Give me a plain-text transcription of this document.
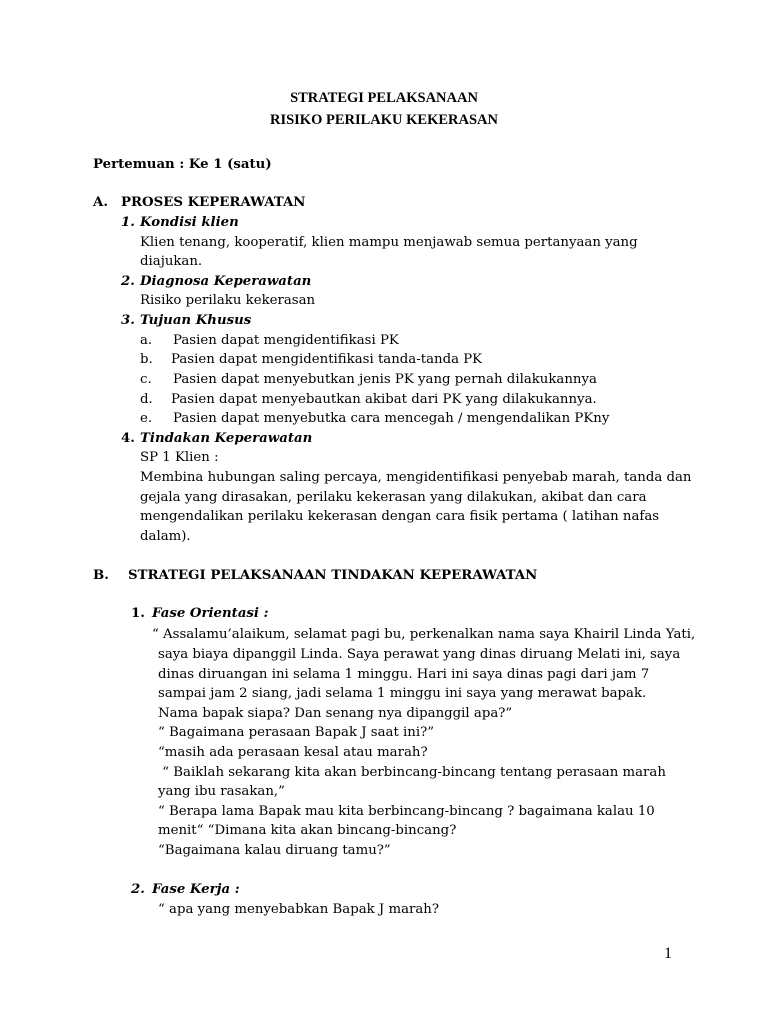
STRATEGI PELAKSANAAN
RISIKO PERILAKU KEKERASAN
Pertemuan : Ke 1 (satu)
A. PROSES KEPERAWATAN
1. Kondisi klien
Klien tenang, kooperatif, klien mampu menjawab semua pertanyaan yang
diajukan.
2. Diagnosa Keperawatan
Risiko perilaku kekerasan
3. Tujuan Khusus
a. Pasien dapat mengidentifikasi PK
b. Pasien dapat mengidentifikasi tanda-tanda PK
c. Pasien dapat menyebutkan jenis PK yang pernah dilakukannya
d. Pasien dapat menyebautkan akibat dari PK yang dilakukannya.
e. Pasien dapat menyebutka cara mencegah / mengendalikan PKny
4. Tindakan Keperawatan
SP 1 Klien :
Membina hubungan saling percaya, mengidentifikasi penyebab marah, tanda dan
gejala yang dirasakan, perilaku kekerasan yang dilakukan, akibat dan cara
mengendalikan perilaku kekerasan dengan cara fisik pertama ( latihan nafas
dalam).
B. STRATEGI PELAKSANAAN TINDAKAN KEPERAWATAN
1. Fase Orientasi :
“ Assalamu’alaikum, selamat pagi bu, perkenalkan nama saya Khairil Linda Yati,
saya biaya dipanggil Linda. Saya perawat yang dinas diruang Melati ini, saya
dinas diruangan ini selama 1 minggu. Hari ini saya dinas pagi dari jam 7
sampai jam 2 siang, jadi selama 1 minggu ini saya yang merawat bapak.
Nama bapak siapa? Dan senang nya dipanggil apa?”
“ Bagaimana perasaan Bapak J saat ini?”
“masih ada perasaan kesal atau marah?
“ Baiklah sekarang kita akan berbincang-bincang tentang perasaan marah
yang ibu rasakan,”
“ Berapa lama Bapak mau kita berbincang-bincang ? bagaimana kalau 10
menit“ “Dimana kita akan bincang-bincang?
“Bagaimana kalau diruang tamu?”
2. Fase Kerja :
“ apa yang menyebabkan Bapak J marah?
1
